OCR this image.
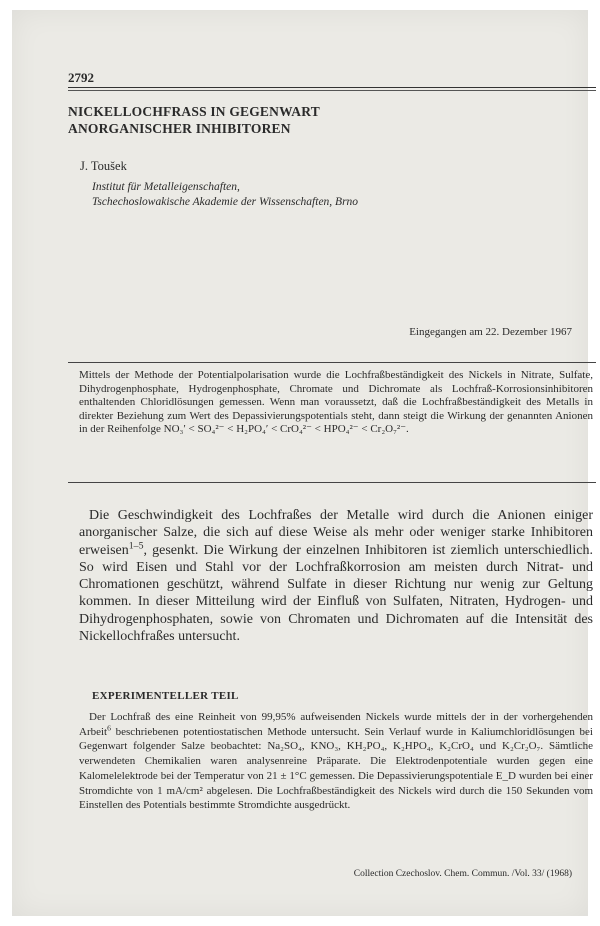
2792
NICKELLOCHFRASS IN GEGENWART
ANORGANISCHER INHIBITOREN
J. Toušek
Institut für Metalleigenschaften,
Tschechoslowakische Akademie der Wissenschaften, Brno
Eingegangen am 22. Dezember 1967
Mittels der Methode der Potentialpolarisation wurde die Lochfraßbeständigkeit des Nickels in Nitrate, Sulfate, Dihydrogenphosphate, Hydrogenphosphate, Chromate und Dichromate als Lochfraß-Korrosionsinhibitoren enthaltenden Chloridlösungen gemessen. Wenn man voraussetzt, daß die Lochfraßbeständigkeit des Metalls in direkter Beziehung zum Wert des Depassivierungspotentials steht, dann steigt die Wirkung der genannten Anionen in der Reihenfolge NO₃′ < SO₄²⁻ < H₂PO₄′ < CrO₄²⁻ < HPO₄²⁻ < Cr₂O₇²⁻.
Die Geschwindigkeit des Lochfraßes der Metalle wird durch die Anionen einiger anorganischer Salze, die sich auf diese Weise als mehr oder weniger starke Inhibitoren erweisen$^{1-5}$, gesenkt. Die Wirkung der einzelnen Inhibitoren ist ziemlich unterschiedlich. So wird Eisen und Stahl vor der Lochfraßkorrosion am meisten durch Nitrat- und Chromationen geschützt, während Sulfate in dieser Richtung nur wenig zur Geltung kommen. In dieser Mitteilung wird der Einfluß von Sulfaten, Nitraten, Hydrogen- und Dihydrogenphosphaten, sowie von Chromaten und Dichromaten auf die Intensität des Nickellochfraßes untersucht.
EXPERIMENTELLER TEIL
Der Lochfraß des eine Reinheit von 99,95% aufweisenden Nickels wurde mittels der in der vorhergehenden Arbeit$^6$ beschriebenen potentiostatischen Methode untersucht. Sein Verlauf wurde in Kaliumchloridlösungen bei Gegenwart folgender Salze beobachtet: Na₂SO₄, KNO₃, KH₂PO₄, K₂HPO₄, K₂CrO₄ und K₂Cr₂O₇. Sämtliche verwendeten Chemikalien waren analysenreine Präparate. Die Elektrodenpotentiale wurden gegen eine Kalomelelektrode bei der Temperatur von 21 ± 1°C gemessen. Die Depassivierungspotentiale E_D wurden bei einer Stromdichte von 1 mA/cm² abgelesen. Die Lochfraßbeständigkeit des Nickels wird durch die 150 Sekunden vom Einstellen des Potentials bestimmte Stromdichte ausgedrückt.
Collection Czechoslov. Chem. Commun. /Vol. 33/ (1968)
